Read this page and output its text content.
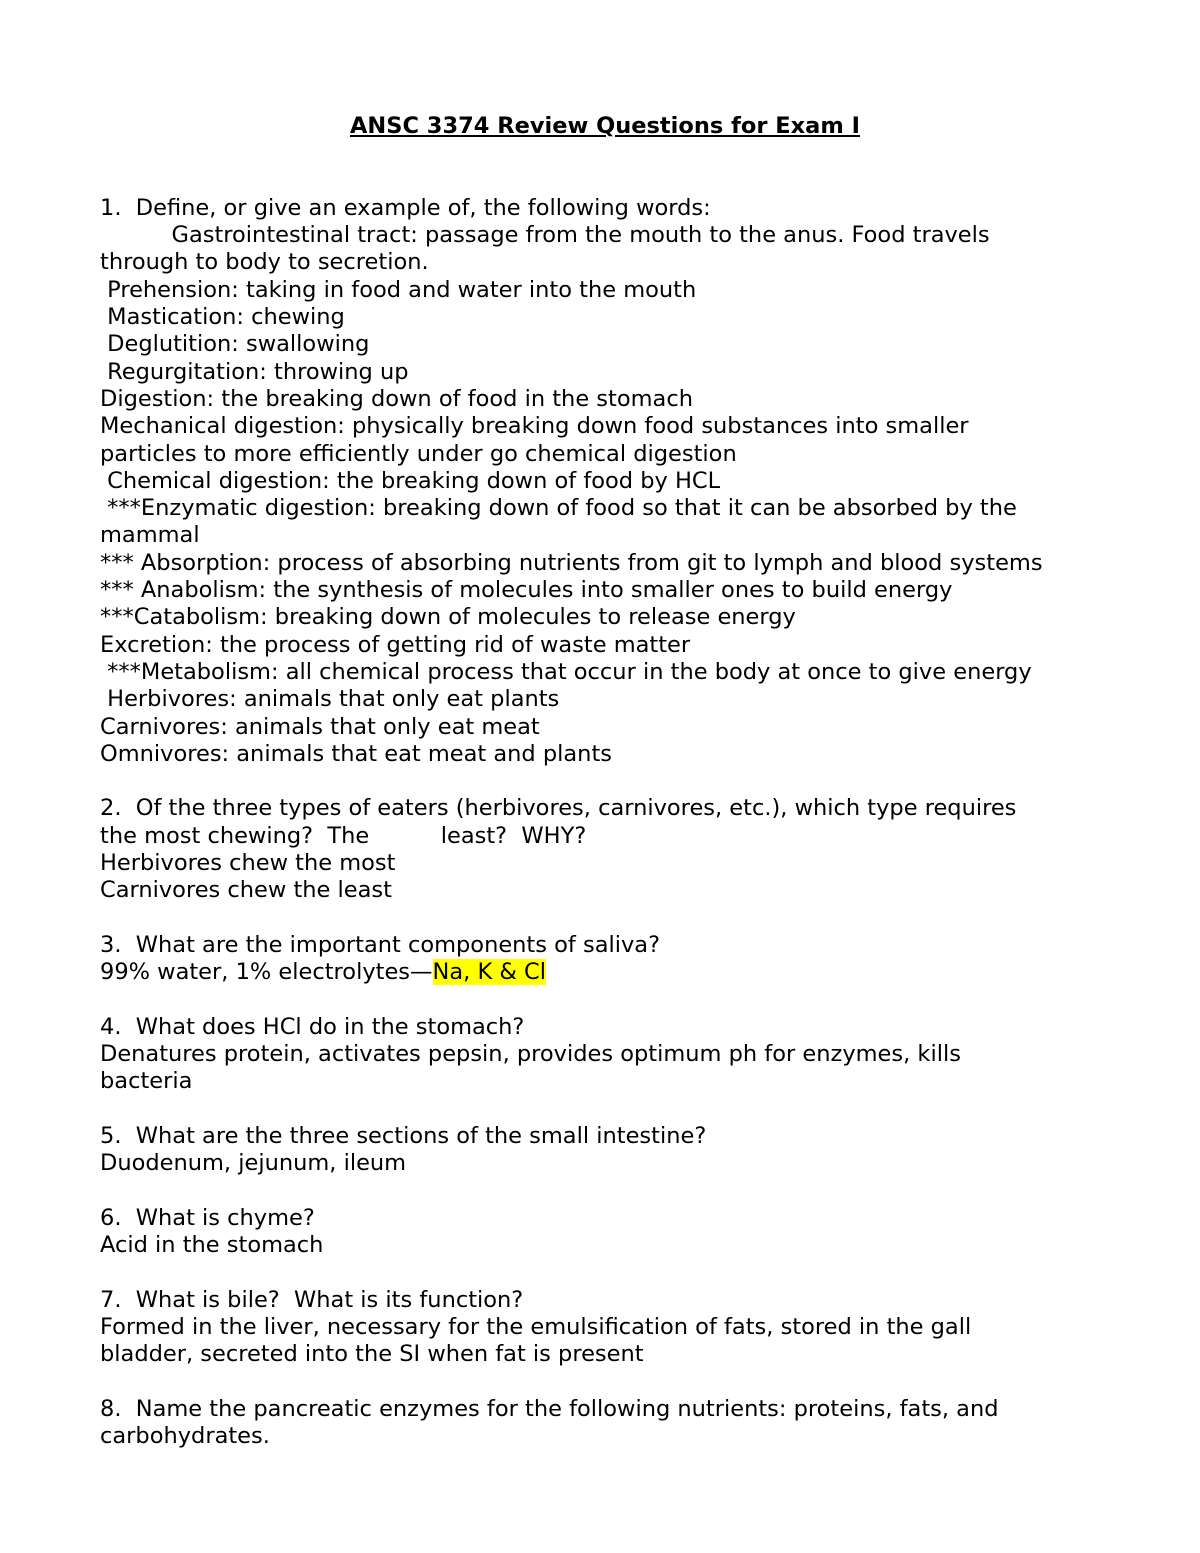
ANSC 3374 Review Questions for Exam I
1.  Define, or give an example of, the following words:
Gastrointestinal tract: passage from the mouth to the anus. Food travels
through to body to secretion.
Prehension: taking in food and water into the mouth
Mastication: chewing
Deglutition: swallowing
Regurgitation: throwing up
Digestion: the breaking down of food in the stomach
Mechanical digestion: physically breaking down food substances into smaller
particles to more efficiently under go chemical digestion
Chemical digestion: the breaking down of food by HCL
***Enzymatic digestion: breaking down of food so that it can be absorbed by the
mammal
*** Absorption: process of absorbing nutrients from git to lymph and blood systems
*** Anabolism: the synthesis of molecules into smaller ones to build energy
***Catabolism: breaking down of molecules to release energy
Excretion: the process of getting rid of waste matter
***Metabolism: all chemical process that occur in the body at once to give energy
Herbivores: animals that only eat plants
Carnivores: animals that only eat meat
Omnivores: animals that eat meat and plants
2.  Of the three types of eaters (herbivores, carnivores, etc.), which type requires
the most chewing?  The          least?  WHY?
Herbivores chew the most
Carnivores chew the least
3.  What are the important components of saliva?
99% water, 1% electrolytes—Na, K & Cl
4.  What does HCl do in the stomach?
Denatures protein, activates pepsin, provides optimum ph for enzymes, kills
bacteria
5.  What are the three sections of the small intestine?
Duodenum, jejunum, ileum
6.  What is chyme?
Acid in the stomach
7.  What is bile?  What is its function?
Formed in the liver, necessary for the emulsification of fats, stored in the gall
bladder, secreted into the SI when fat is present
8.  Name the pancreatic enzymes for the following nutrients: proteins, fats, and
carbohydrates.
